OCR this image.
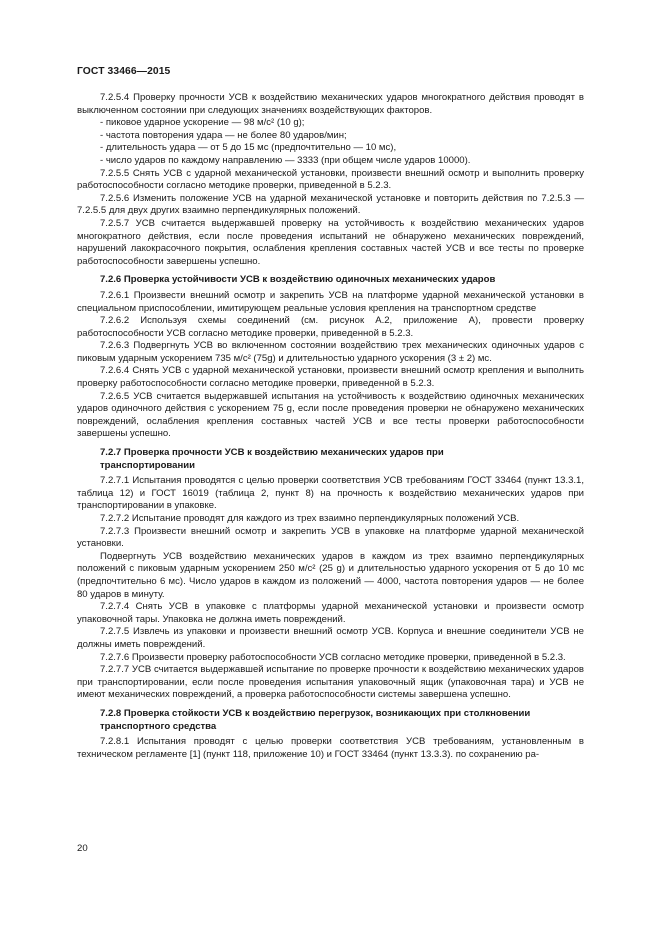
ГОСТ 33466—2015

7.2.5.4 Проверку прочности УСВ к воздействию механических ударов многократного действия проводят в выключенном состоянии при следующих значениях воздействующих факторов.

- пиковое ударное ускорение — 98 м/с² (10 g);
- частота повторения удара — не более 80 ударов/мин;
- длительность удара — от 5 до 15 мс (предпочтительно — 10 мс),
- число ударов по каждому направлению — 3333 (при общем числе ударов 10000).

7.2.5.5 Снять УСВ с ударной механической установки, произвести внешний осмотр и выполнить проверку работоспособности согласно методике проверки, приведенной в 5.2.3.

7.2.5.6 Изменить положение УСВ на ударной механической установке и повторить действия по 7.2.5.3 — 7.2.5.5 для двух других взаимно перпендикулярных положений.

7.2.5.7 УСВ считается выдержавшей проверку на устойчивость к воздействию механических ударов многократного действия, если после проведения испытаний не обнаружено механических повреждений, нарушений лакокрасочного покрытия, ослабления крепления составных частей УСВ и все тесты по проверке работоспособности завершены успешно.

7.2.6 Проверка устойчивости УСВ к воздействию одиночных механических ударов

7.2.6.1 Произвести внешний осмотр и закрепить УСВ на платформе ударной механической установки в специальном приспособлении, имитирующем реальные условия крепления на транспортном средстве

7.2.6.2 Используя схемы соединений (см. рисунок А.2, приложение А), провести проверку работоспособности УСВ согласно методике проверки, приведенной в 5.2.3.

7.2.6.3 Подвергнуть УСВ во включенном состоянии воздействию трех механических одиночных ударов с пиковым ударным ускорением 735 м/с² (75g) и длительностью ударного ускорения (3 ± 2) мс.

7.2.6.4 Снять УСВ с ударной механической установки, произвести внешний осмотр крепления и выполнить проверку работоспособности согласно методике проверки, приведенной в 5.2.3.

7.2.6.5 УСВ считается выдержавшей испытания на устойчивость к воздействию одиночных механических ударов одиночного действия с ускорением 75 g, если после проведения проверки не обнаружено механических повреждений, ослабления крепления составных частей УСВ и все тесты проверки работоспособности завершены успешно.

7.2.7 Проверка прочности УСВ к воздействию механических ударов при
транспортировании

7.2.7.1 Испытания проводятся с целью проверки соответствия УСВ требованиям ГОСТ 33464 (пункт 13.3.1, таблица 12) и ГОСТ 16019 (таблица 2, пункт 8) на прочность к воздействию механических ударов при транспортировании в упаковке.

7.2.7.2 Испытание проводят для каждого из трех взаимно перпендикулярных положений УСВ.

7.2.7.3 Произвести внешний осмотр и закрепить УСВ в упаковке на платформе ударной механической установки.

Подвергнуть УСВ воздействию механических ударов в каждом из трех взаимно перпендикулярных положений с пиковым ударным ускорением 250 м/с² (25 g) и длительностью ударного ускорения от 5 до 10 мс (предпочтительно 6 мс). Число ударов в каждом из положений — 4000, частота повторения ударов — не более 80 ударов в минуту.

7.2.7.4 Снять УСВ в упаковке с платформы ударной механической установки и произвести осмотр упаковочной тары. Упаковка не должна иметь повреждений.

7.2.7.5 Извлечь из упаковки и произвести внешний осмотр УСВ. Корпуса и внешние соединители УСВ не должны иметь повреждений.

7.2.7.6 Произвести проверку работоспособности УСВ согласно методике проверки, приведенной в 5.2.3.

7.2.7.7 УСВ считается выдержавшей испытание по проверке прочности к воздействию механических ударов при транспортировании, если после проведения испытания упаковочный ящик (упаковочная тара) и УСВ не имеют механических повреждений, а проверка работоспособности системы завершена успешно.

7.2.8 Проверка стойкости УСВ к воздействию перегрузок, возникающих при столкновении
транспортного средства

7.2.8.1 Испытания проводят с целью проверки соответствия УСВ требованиям, установленным в техническом регламенте [1] (пункт 118, приложение 10) и ГОСТ 33464 (пункт 13.3.3). по сохранению ра-

20
